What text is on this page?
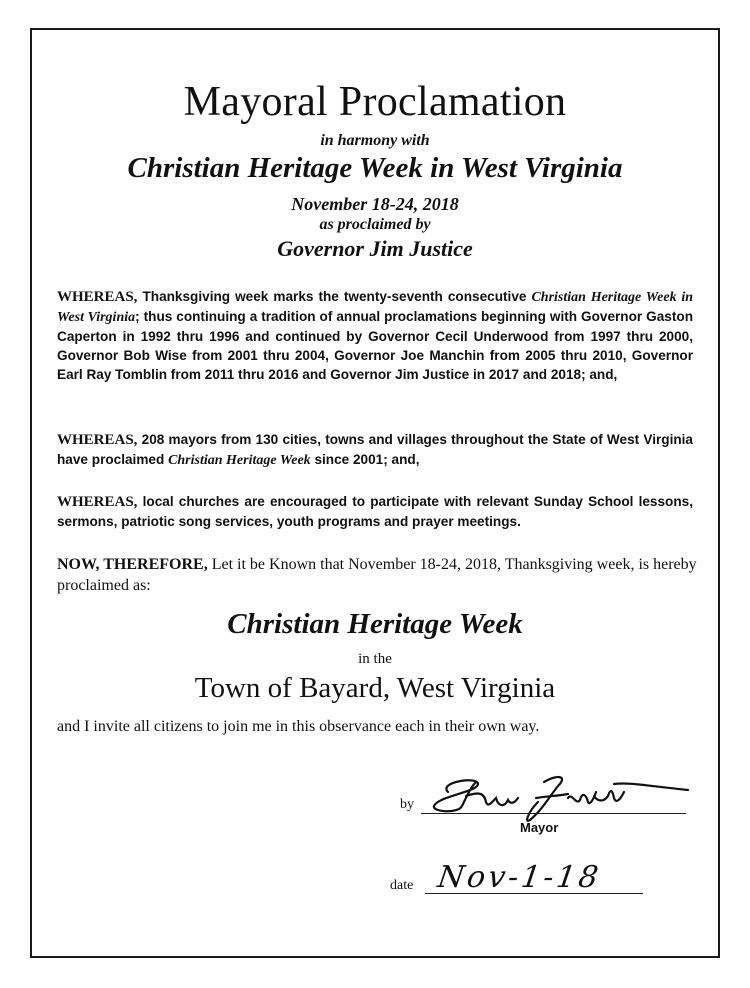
Mayoral Proclamation
in harmony with
Christian Heritage Week in West Virginia
November 18-24, 2018
as proclaimed by
Governor Jim Justice
WHEREAS, Thanksgiving week marks the twenty-seventh consecutive Christian Heritage Week in West Virginia; thus continuing a tradition of annual proclamations beginning with Governor Gaston Caperton in 1992 thru 1996 and continued by Governor Cecil Underwood from 1997 thru 2000, Governor Bob Wise from 2001 thru 2004, Governor Joe Manchin from 2005 thru 2010, Governor Earl Ray Tomblin from 2011 thru 2016 and Governor Jim Justice in 2017 and 2018; and,
WHEREAS, 208 mayors from 130 cities, towns and villages throughout the State of West Virginia have proclaimed Christian Heritage Week since 2001; and,
WHEREAS, local churches are encouraged to participate with relevant Sunday School lessons, sermons, patriotic song services, youth programs and prayer meetings.
NOW, THEREFORE, Let it be Known that November 18-24, 2018, Thanksgiving week, is hereby proclaimed as:
Christian Heritage Week
in the
Town of Bayard, West Virginia
and I invite all citizens to join me in this observance each in their own way.
by
Mayor
date Nov-1-18
